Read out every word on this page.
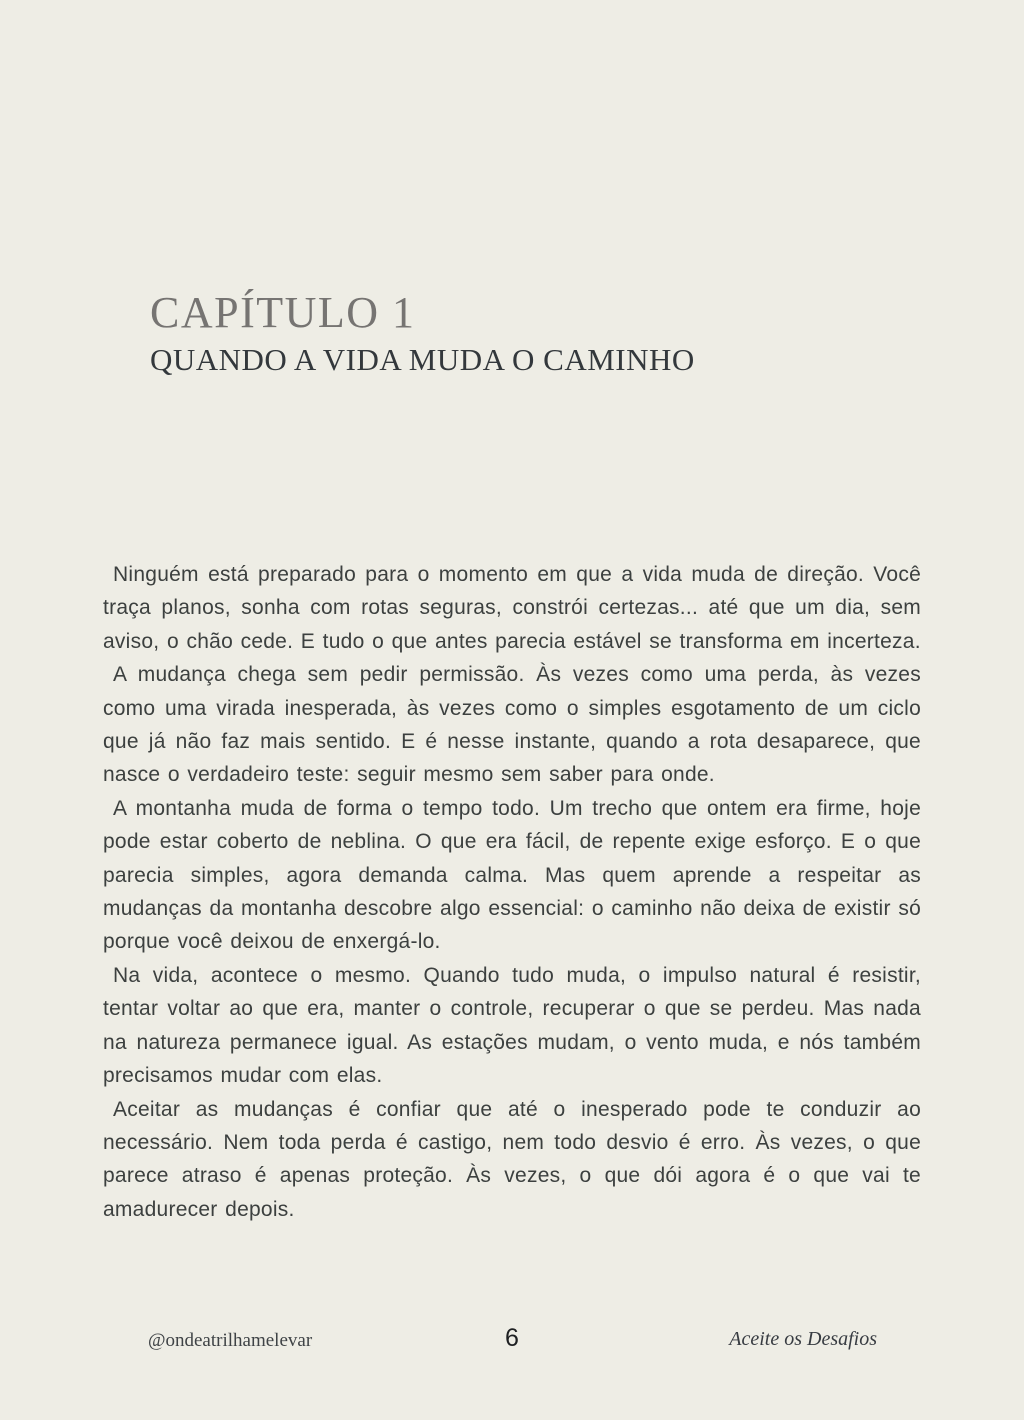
CAPÍTULO 1
QUANDO A VIDA MUDA O CAMINHO

Ninguém está preparado para o momento em que a vida muda de direção. Você traça planos, sonha com rotas seguras, constrói certezas... até que um dia, sem aviso, o chão cede. E tudo o que antes parecia estável se transforma em incerteza.

A mudança chega sem pedir permissão. Às vezes como uma perda, às vezes como uma virada inesperada, às vezes como o simples esgotamento de um ciclo que já não faz mais sentido. E é nesse instante, quando a rota desaparece, que nasce o verdadeiro teste: seguir mesmo sem saber para onde.

A montanha muda de forma o tempo todo. Um trecho que ontem era firme, hoje pode estar coberto de neblina. O que era fácil, de repente exige esforço. E o que parecia simples, agora demanda calma. Mas quem aprende a respeitar as mudanças da montanha descobre algo essencial: o caminho não deixa de existir só porque você deixou de enxergá-lo.

Na vida, acontece o mesmo. Quando tudo muda, o impulso natural é resistir, tentar voltar ao que era, manter o controle, recuperar o que se perdeu. Mas nada na natureza permanece igual. As estações mudam, o vento muda, e nós também precisamos mudar com elas.

Aceitar as mudanças é confiar que até o inesperado pode te conduzir ao necessário. Nem toda perda é castigo, nem todo desvio é erro. Às vezes, o que parece atraso é apenas proteção. Às vezes, o que dói agora é o que vai te amadurecer depois.

@ondeatrilhamelevar	6	Aceite os Desafios
